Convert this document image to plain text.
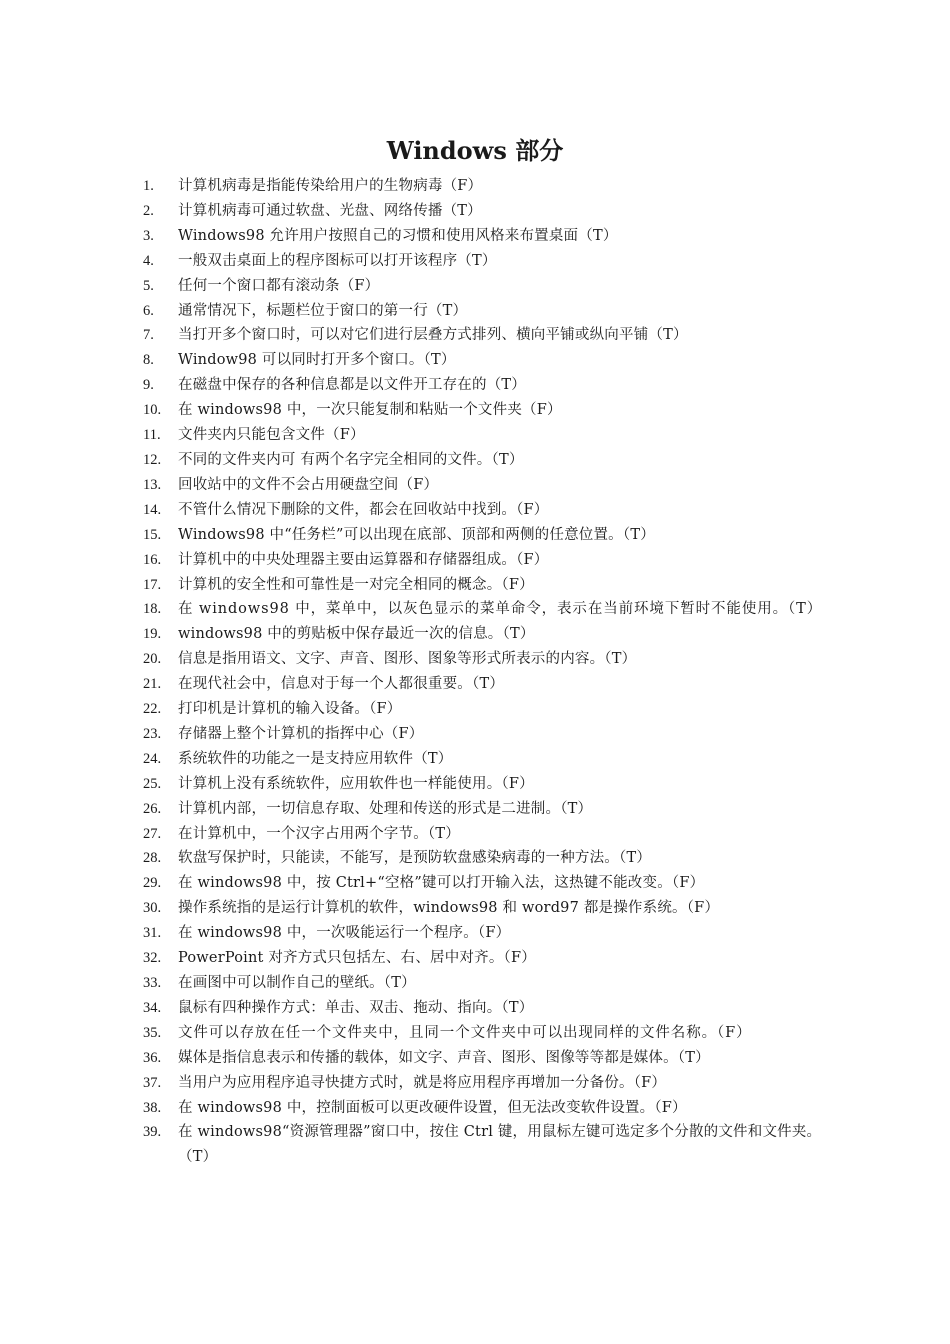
Windows 部分
1.	计算机病毒是指能传染给用户的生物病毒（F）
2.	计算机病毒可通过软盘、光盘、网络传播（T）
3.	Windows98 允许用户按照自己的习惯和使用风格来布置桌面（T）
4.	一般双击桌面上的程序图标可以打开该程序（T）
5.	任何一个窗口都有滚动条（F）
6.	通常情况下，标题栏位于窗口的第一行（T）
7.	当打开多个窗口时，可以对它们进行层叠方式排列、横向平铺或纵向平铺（T）
8.	Window98 可以同时打开多个窗口。（T）
9.	在磁盘中保存的各种信息都是以文件开工存在的（T）
10.	在 windows98 中，一次只能复制和粘贴一个文件夹（F）
11.	文件夹内只能包含文件（F）
12.	不同的文件夹内可 有两个名字完全相同的文件。（T）
13.	回收站中的文件不会占用硬盘空间（F）
14.	不管什么情况下删除的文件，都会在回收站中找到。（F）
15.	Windows98 中“任务栏”可以出现在底部、顶部和两侧的任意位置。（T）
16.	计算机中的中央处理器主要由运算器和存储器组成。（F）
17.	计算机的安全性和可靠性是一对完全相同的概念。（F）
18.	在 windows98 中，菜单中，以灰色显示的菜单命令，表示在当前环境下暂时不能使用。（T）
19.	windows98 中的剪贴板中保存最近一次的信息。（T）
20.	信息是指用语文、文字、声音、图形、图象等形式所表示的内容。（T）
21.	在现代社会中，信息对于每一个人都很重要。（T）
22.	打印机是计算机的输入设备。（F）
23.	存储器上整个计算机的指挥中心（F）
24.	系统软件的功能之一是支持应用软件（T）
25.	计算机上没有系统软件，应用软件也一样能使用。（F）
26.	计算机内部，一切信息存取、处理和传送的形式是二进制。（T）
27.	在计算机中，一个汉字占用两个字节。（T）
28.	软盘写保护时，只能读，不能写，是预防软盘感染病毒的一种方法。（T）
29.	在 windows98 中，按 Ctrl+“空格”键可以打开输入法，这热键不能改变。（F）
30.	操作系统指的是运行计算机的软件，windows98 和 word97 都是操作系统。（F）
31.	在 windows98 中，一次吸能运行一个程序。（F）
32.	PowerPoint 对齐方式只包括左、右、居中对齐。（F）
33.	在画图中可以制作自己的壁纸。（T）
34.	鼠标有四种操作方式：单击、双击、拖动、指向。（T）
35.	文件可以存放在任一个文件夹中，且同一个文件夹中可以出现同样的文件名称。（F）
36.	媒体是指信息表示和传播的载体，如文字、声音、图形、图像等等都是媒体。（T）
37.	当用户为应用程序追寻快捷方式时，就是将应用程序再增加一分备份。（F）
38.	在 windows98 中，控制面板可以更改硬件设置，但无法改变软件设置。（F）
39.	在 windows98“资源管理器”窗口中，按住 Ctrl 键，用鼠标左键可选定多个分散的文件和文件夹。（T）
